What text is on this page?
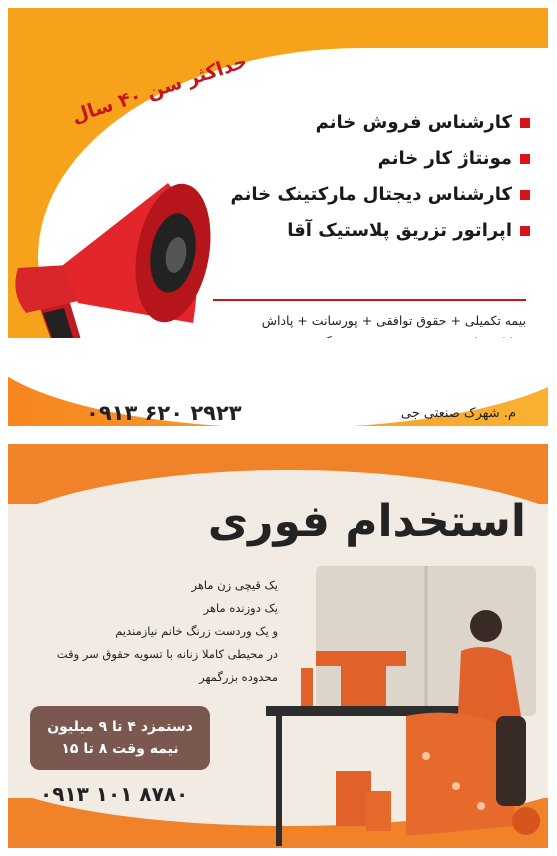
حداکثر سن ۴۰ سال
کارشناس فروش خانم
مونتاژ کار خانم
کارشناس دیجتال مارکتینک خانم
اپراتور تزریق پلاستیک آقا
بیمه تکمیلی + حقوق توافقی + پورسانت + پاداش
۰۹۱۳ ۶۲۰ ۲۹۲۳	م. شهرک صنعتی جی
استخدام فوری
یک قیچی زن ماهر
یک دوزنده ماهر
و یک وردست زرنگ خانم نیازمندیم
در محیطی کاملا زنانه با تسویه حقوق سر وقت
محدوده بزرگمهر
دستمزد ۴ تا ۹ میلیون
نیمه وقت ۸ تا ۱۵
۰۹۱۳ ۱۰۱ ۸۷۸۰
